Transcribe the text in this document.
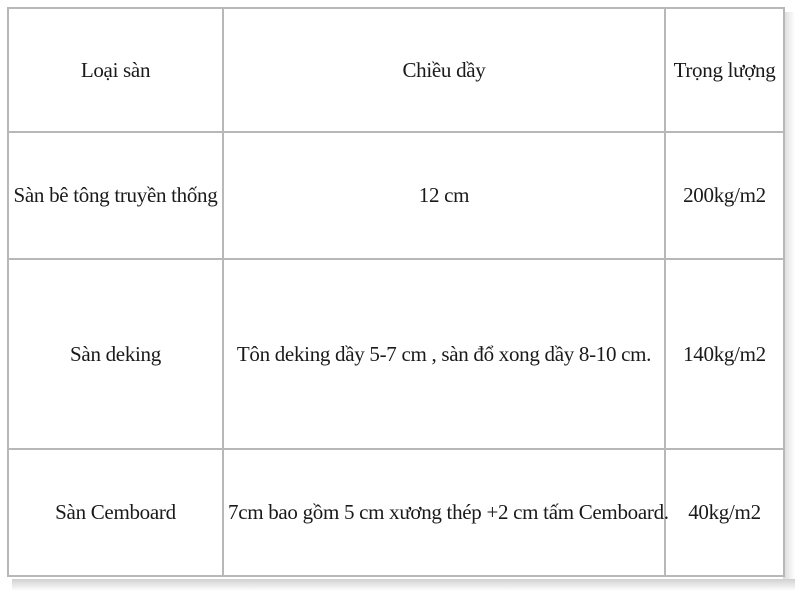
Loại sàn	Chiều dầy	Trọng lượng
Sàn bê tông truyền thống	12 cm	200kg/m2
Sàn deking	Tôn deking dầy 5-7 cm , sàn đổ xong dầy 8-10 cm.	140kg/m2
Sàn Cemboard	7cm bao gồm 5 cm xương thép +2 cm tấm Cemboard.	40kg/m2
